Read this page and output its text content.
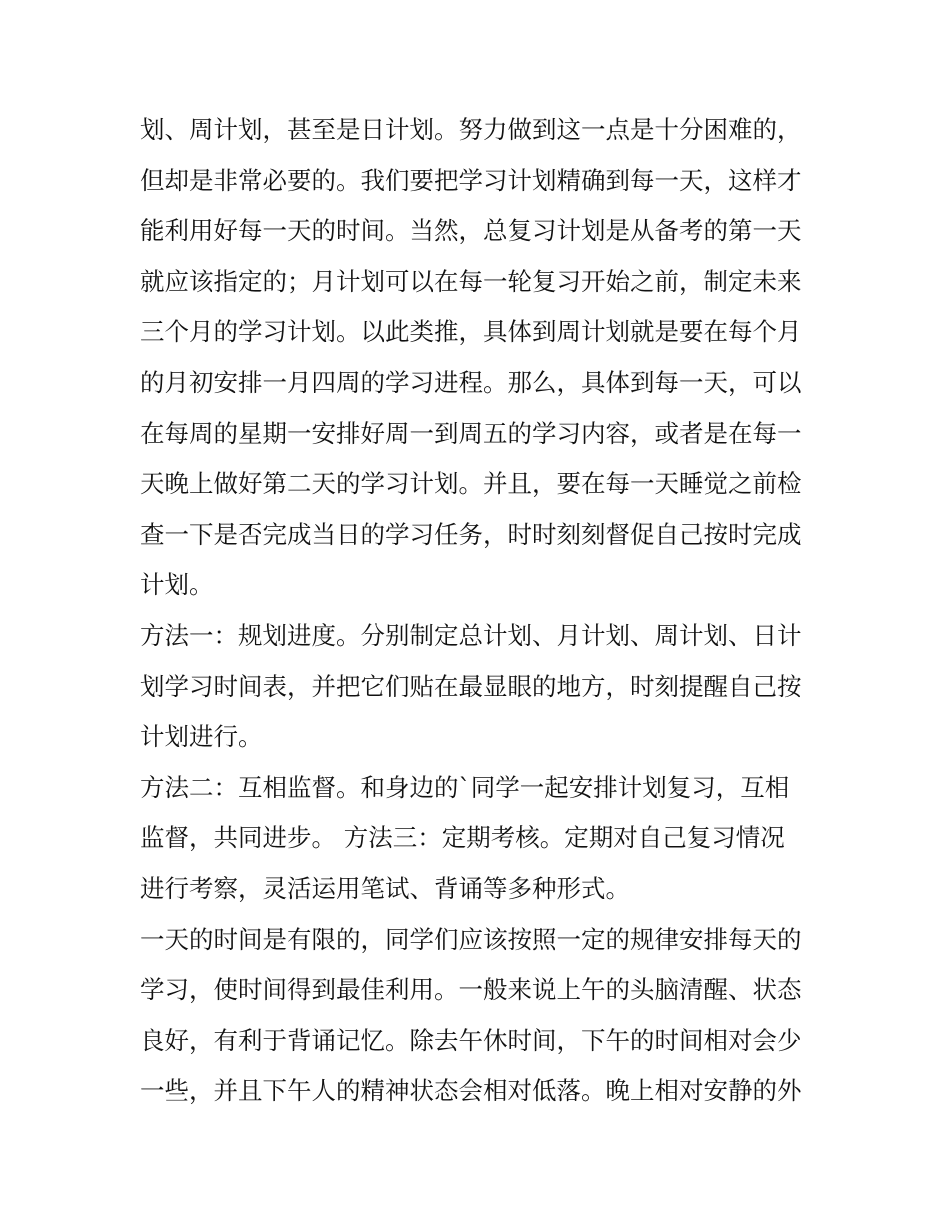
划、周计划，甚至是日计划。努力做到这一点是十分困难的，
但却是非常必要的。我们要把学习计划精确到每一天，这样才
能利用好每一天的时间。当然，总复习计划是从备考的第一天
就应该指定的；月计划可以在每一轮复习开始之前，制定未来
三个月的学习计划。以此类推，具体到周计划就是要在每个月
的月初安排一月四周的学习进程。那么，具体到每一天，可以
在每周的星期一安排好周一到周五的学习内容，或者是在每一
天晚上做好第二天的学习计划。并且，要在每一天睡觉之前检
查一下是否完成当日的学习任务，时时刻刻督促自己按时完成
计划。
方法一：规划进度。分别制定总计划、月计划、周计划、日计
划学习时间表，并把它们贴在最显眼的地方，时刻提醒自己按
计划进行。
方法二：互相监督。和身边的`同学一起安排计划复习，互相
监督，共同进步。 方法三：定期考核。定期对自己复习情况
进行考察，灵活运用笔试、背诵等多种形式。
一天的时间是有限的，同学们应该按照一定的规律安排每天的
学习，使时间得到最佳利用。一般来说上午的头脑清醒、状态
良好，有利于背诵记忆。除去午休时间，下午的时间相对会少
一些，并且下午人的精神状态会相对低落。晚上相对安静的外
